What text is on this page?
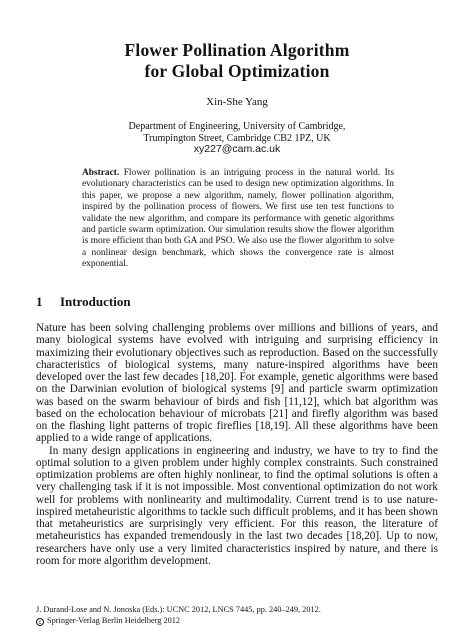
Flower Pollination Algorithm
for Global Optimization
Xin-She Yang
Department of Engineering, University of Cambridge,
Trumpington Street, Cambridge CB2 1PZ, UK
xy227@cam.ac.uk
Abstract. Flower pollination is an intriguing process in the natural world. Its evolutionary characteristics can be used to design new optimization algorithms. In this paper, we propose a new algorithm, namely, flower pollination algorithm, inspired by the pollination process of flowers. We first use ten test functions to validate the new algorithm, and compare its performance with genetic algorithms and particle swarm optimization. Our simulation results show the flower algorithm is more efficient than both GA and PSO. We also use the flower algorithm to solve a nonlinear design benchmark, which shows the convergence rate is almost exponential.
1 Introduction

Nature has been solving challenging problems over millions and billions of years, and many biological systems have evolved with intriguing and surprising efficiency in maximizing their evolutionary objectives such as reproduction. Based on the successfully characteristics of biological systems, many nature-inspired algorithms have been developed over the last few decades [18,20]. For example, genetic algorithms were based on the Darwinian evolution of biological systems [9] and particle swarm optimization was based on the swarm behaviour of birds and fish [11,12], which bat algorithm was based on the echolocation behaviour of microbats [21] and firefly algorithm was based on the flashing light patterns of tropic fireflies [18,19]. All these algorithms have been applied to a wide range of applications.

In many design applications in engineering and industry, we have to try to find the optimal solution to a given problem under highly complex constraints. Such constrained optimization problems are often highly nonlinear, to find the optimal solutions is often a very challenging task if it is not impossible. Most conventional optimization do not work well for problems with nonlinearity and multimodality. Current trend is to use nature-inspired metaheuristic algorithms to tackle such difficult problems, and it has been shown that metaheuristics are surprisingly very efficient. For this reason, the literature of metaheuristics has expanded tremendously in the last two decades [18,20]. Up to now, researchers have only use a very limited characteristics inspired by nature, and there is room for more algorithm development.

J. Durand-Lose and N. Jonoska (Eds.): UCNC 2012, LNCS 7445, pp. 240–249, 2012.
c Springer-Verlag Berlin Heidelberg 2012
